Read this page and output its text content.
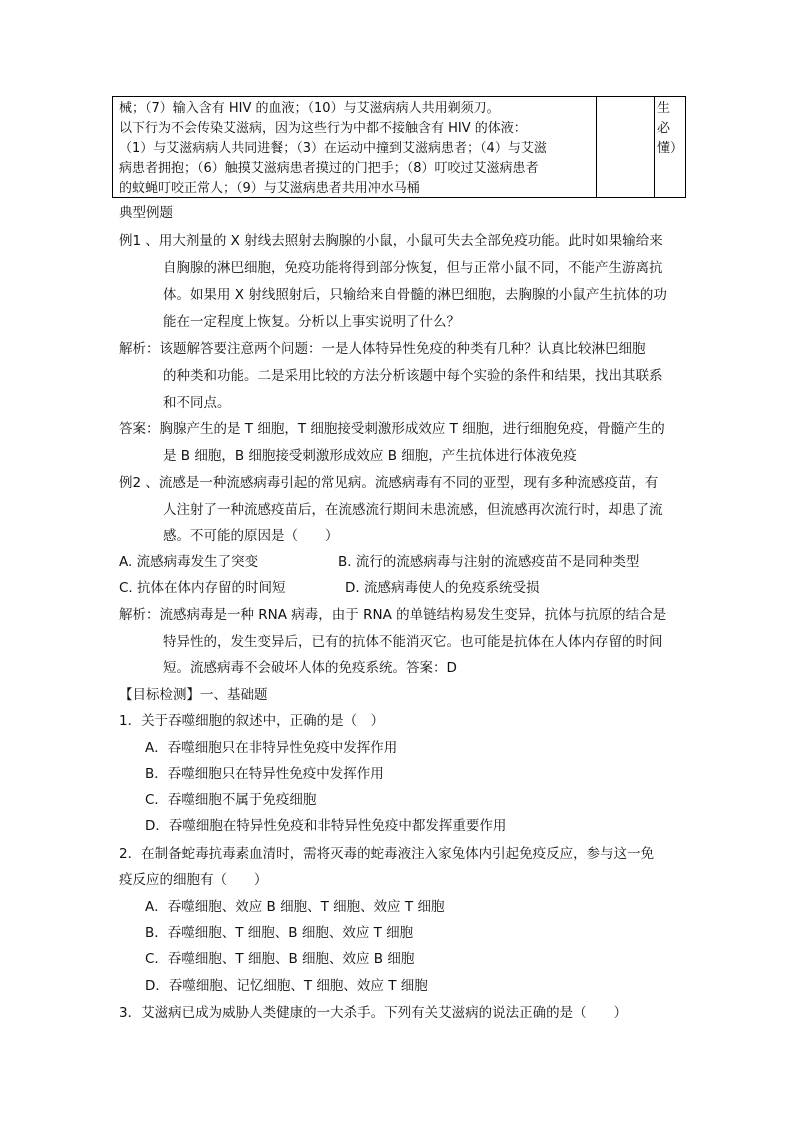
械；（7）输入含有 HIV 的血液；（10）与艾滋病病人共用剃须刀。
以下行为不会传染艾滋病，因为这些行为中都不接触含有 HIV 的体液：
（1）与艾滋病病人共同进餐；（3）在运动中撞到艾滋病患者；（4）与艾滋
病患者拥抱；（6）触摸艾滋病患者摸过的门把手；（8）叮咬过艾滋病患者
的蚊蝇叮咬正常人；（9）与艾滋病患者共用冲水马桶
生　必
懂）
典型例题
例1 、用大剂量的 X 射线去照射去胸腺的小鼠，小鼠可失去全部免疫功能。此时如果输给来
自胸腺的淋巴细胞，免疫功能将得到部分恢复，但与正常小鼠不同，不能产生游离抗
体。如果用 X 射线照射后，只输给来自骨髓的淋巴细胞，去胸腺的小鼠产生抗体的功
能在一定程度上恢复。分析以上事实说明了什么？
解析：该题解答要注意两个问题：一是人体特异性免疫的种类有几种？认真比较淋巴细胞
的种类和功能。二是采用比较的方法分析该题中每个实验的条件和结果，找出其联系
和不同点。
答案：胸腺产生的是 T 细胞，T 细胞接受刺激形成效应 T 细胞，进行细胞免疫，骨髓产生的
是 B 细胞，B 细胞接受刺激形成效应 B 细胞，产生抗体进行体液免疫
例2 、流感是一种流感病毒引起的常见病。流感病毒有不同的亚型，现有多种流感疫苗，有
人注射了一种流感疫苗后，在流感流行期间未患流感，但流感再次流行时，却患了流
感。不可能的原因是（　　）
A. 流感病毒发生了突变	B. 流行的流感病毒与注射的流感疫苗不是同种类型
C. 抗体在体内存留的时间短	D. 流感病毒使人的免疫系统受损
解析：流感病毒是一种 RNA 病毒，由于 RNA 的单链结构易发生变异，抗体与抗原的结合是
特异性的，发生变异后，已有的抗体不能消灭它。也可能是抗体在人体内存留的时间
短。流感病毒不会破坏人体的免疫系统。答案：D
【目标检测】一、基础题
1．关于吞噬细胞的叙述中，正确的是（　）
A．吞噬细胞只在非特异性免疫中发挥作用
B．吞噬细胞只在特异性免疫中发挥作用
C．吞噬细胞不属于免疫细胞
D．吞噬细胞在特异性免疫和非特异性免疫中都发挥重要作用
2．在制备蛇毒抗毒素血清时，需将灭毒的蛇毒液注入家兔体内引起免疫反应，参与这一免
疫反应的细胞有（　　）
A．吞噬细胞、效应 B 细胞、T 细胞、效应 T 细胞
B．吞噬细胞、T 细胞、B 细胞、效应 T 细胞
C．吞噬细胞、T 细胞、B 细胞、效应 B 细胞
D．吞噬细胞、记忆细胞、T 细胞、效应 T 细胞
3．艾滋病已成为威胁人类健康的一大杀手。下列有关艾滋病的说法正确的是（　　）
